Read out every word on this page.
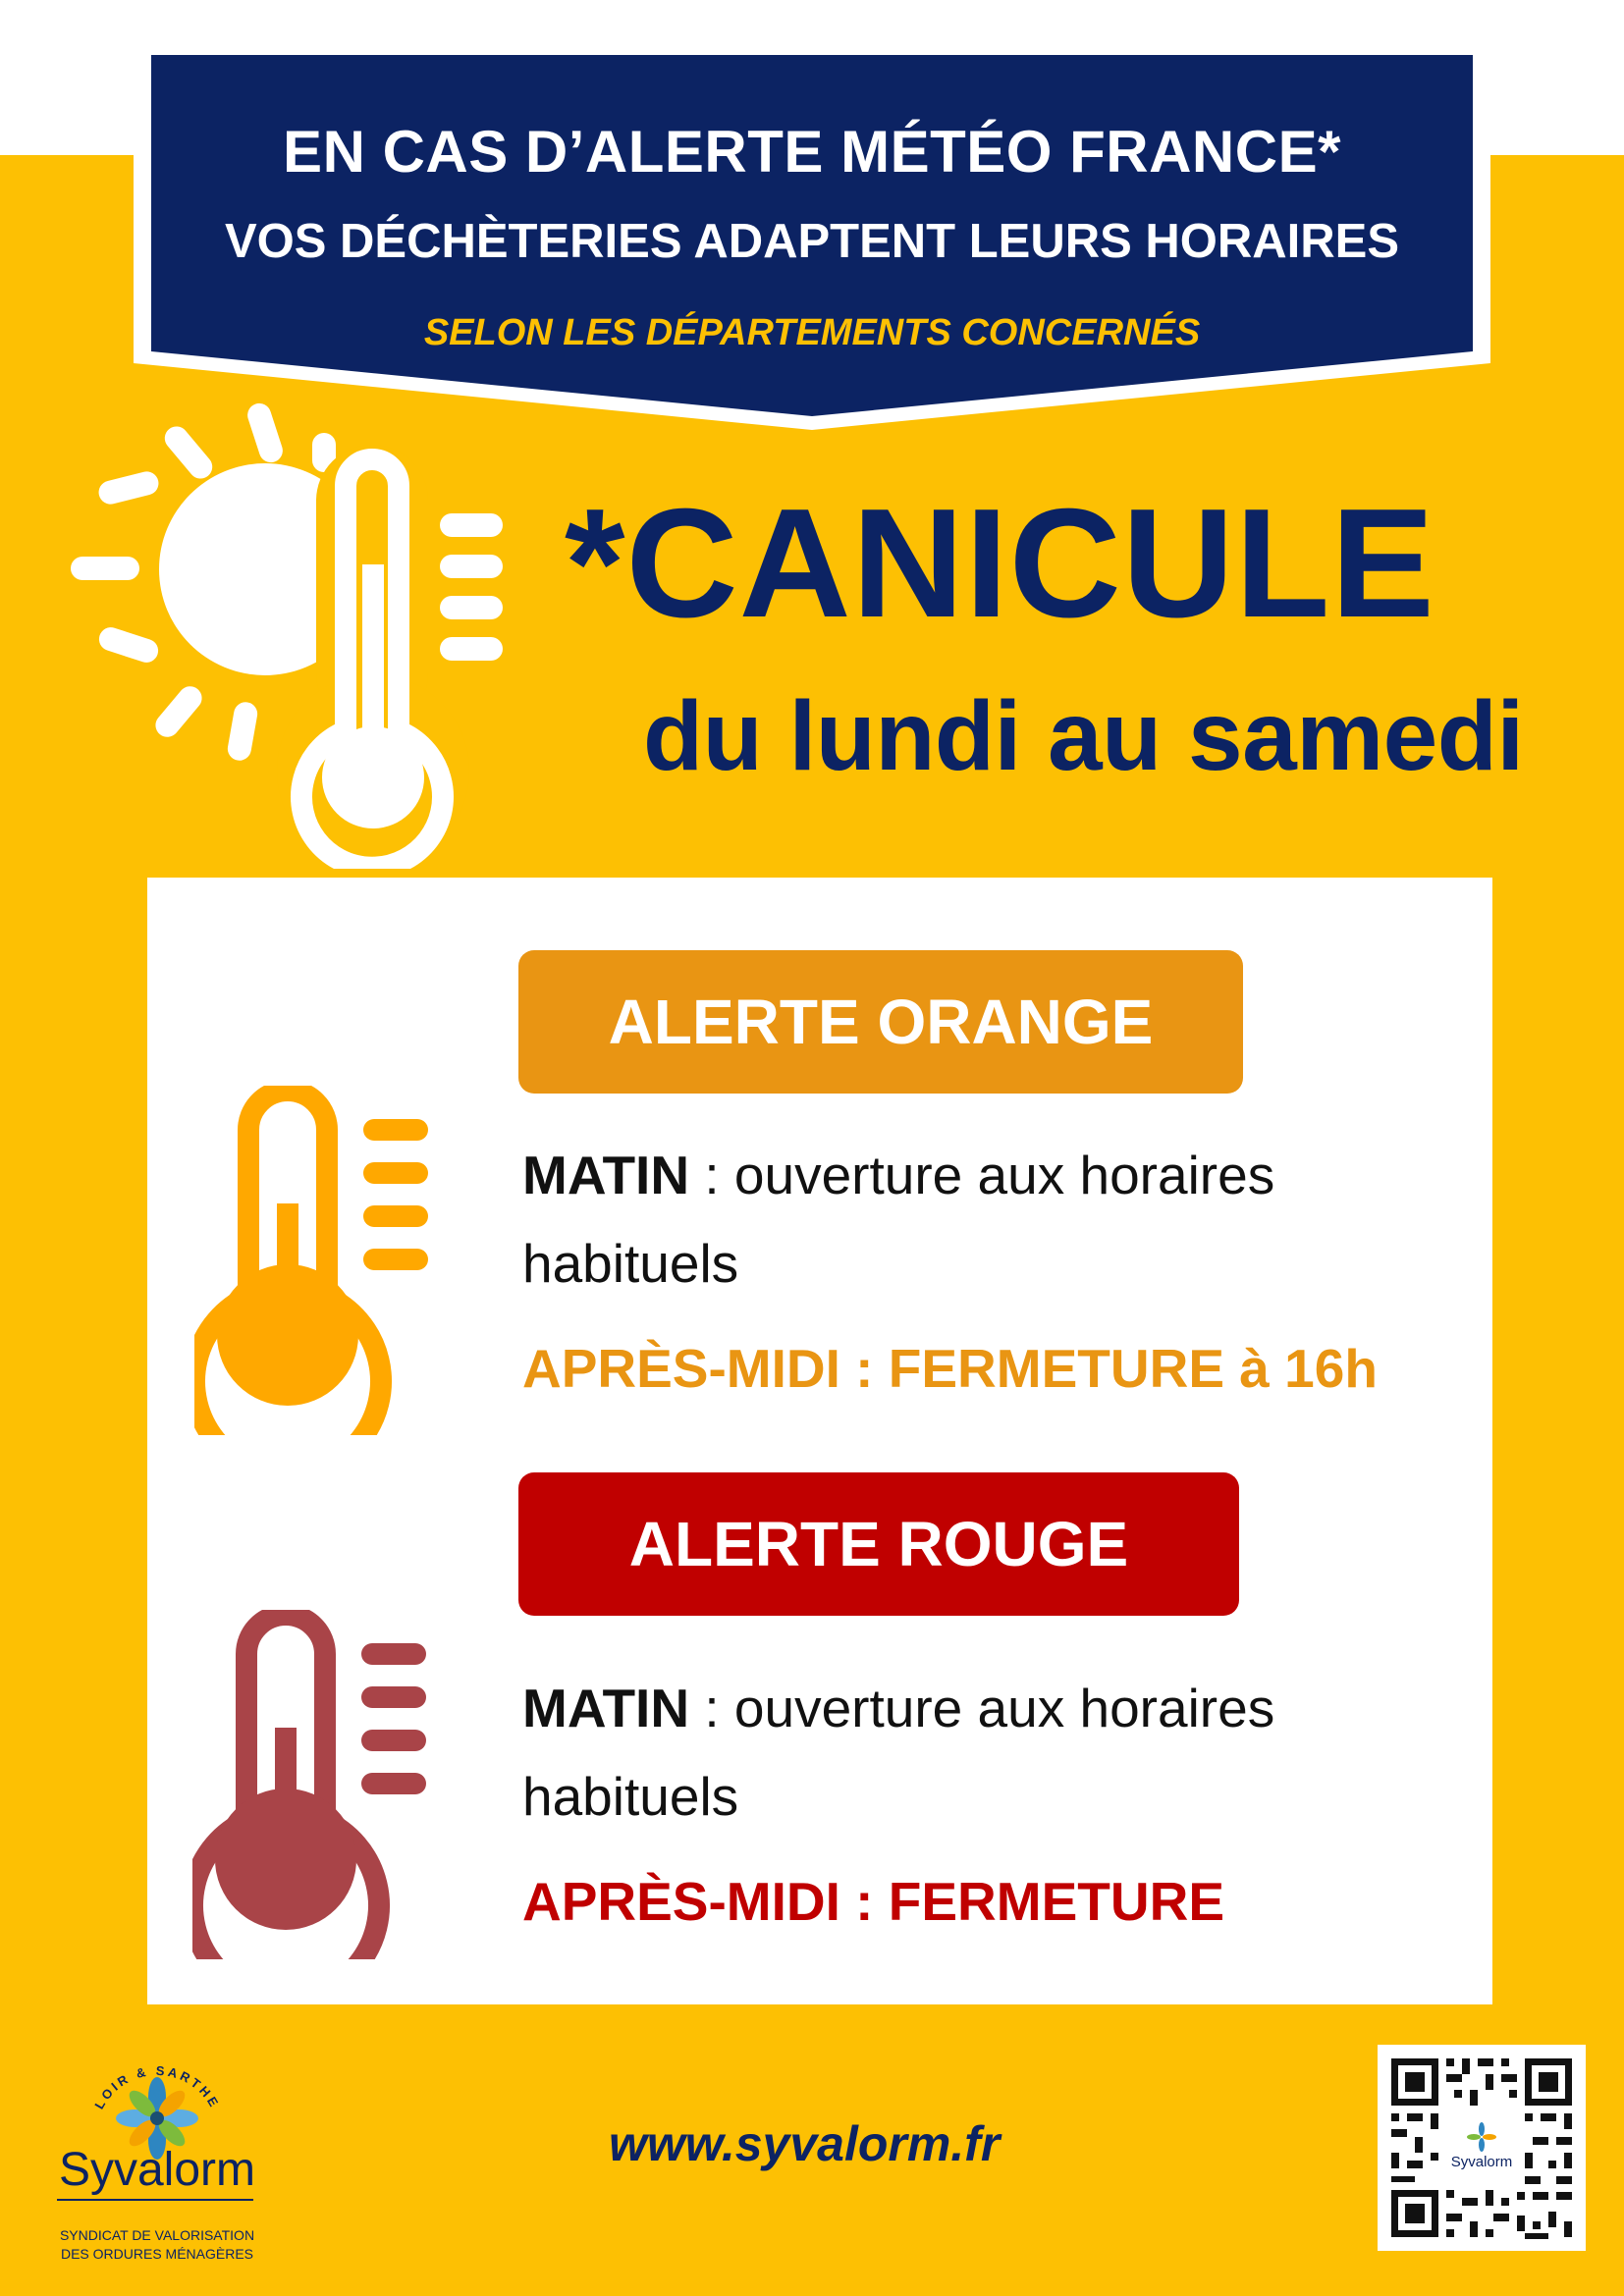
EN CAS D’ALERTE MÉTÉO FRANCE*
VOS DÉCHÈTERIES ADAPTENT LEURS HORAIRES
SELON LES DÉPARTEMENTS CONCERNÉS
*CANICULE
du lundi au samedi
ALERTE ORANGE
MATIN : ouverture aux horaires habituels
APRÈS-MIDI : FERMETURE à 16h
ALERTE ROUGE
MATIN : ouverture aux horaires habituels
APRÈS-MIDI : FERMETURE
www.syvalorm.fr
LOIR & SARTHE
Syvalorm
SYNDICAT DE VALORISATION
DES ORDURES MÉNAGÈRES
Syvalorm
